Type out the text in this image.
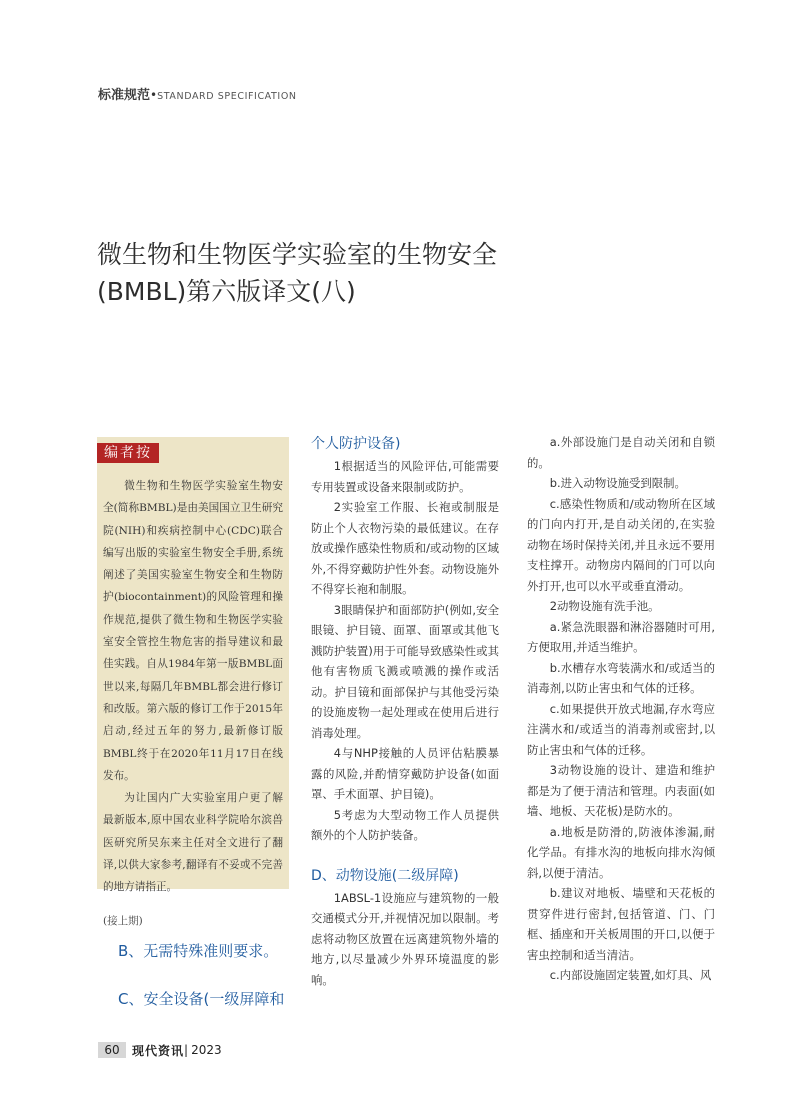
标准规范•STANDARD SPECIFICATION
微生物和生物医学实验室的生物安全
(BMBL)第六版译文(八)
编者按

微生物和生物医学实验室生物安全(简称BMBL)是由美国国立卫生研究院(NIH)和疾病控制中心(CDC)联合编写出版的实验室生物安全手册,系统阐述了美国实验室生物安全和生物防护(biocontainment)的风险管理和操作规范,提供了微生物和生物医学实验室安全管控生物危害的指导建议和最佳实践。自从1984年第一版BMBL面世以来,每隔几年BMBL都会进行修订和改版。第六版的修订工作于2015年启动,经过五年的努力,最新修订版BMBL终于在2020年11月17日在线发布。

为让国内广大实验室用户更了解最新版本,原中国农业科学院哈尔滨兽医研究所吴东来主任对全文进行了翻译,以供大家参考,翻译有不妥或不完善的地方请指正。

(接上期)
B、无需特殊准则要求。
C、安全设备(一级屏障和

个人防护设备)

1根据适当的风险评估,可能需要专用装置或设备来限制或防护。

2实验室工作服、长袍或制服是防止个人衣物污染的最低建议。在存放或操作感染性物质和/或动物的区域外,不得穿戴防护性外套。动物设施外不得穿长袍和制服。

3眼睛保护和面部防护(例如,安全眼镜、护目镜、面罩、面罩或其他飞溅防护装置)用于可能导致感染性或其他有害物质飞溅或喷溅的操作或活动。护目镜和面部保护与其他受污染的设施废物一起处理或在使用后进行消毒处理。

4与NHP接触的人员评估粘膜暴露的风险,并酌情穿戴防护设备(如面罩、手术面罩、护目镜)。

5考虑为大型动物工作人员提供额外的个人防护装备。

D、动物设施(二级屏障)

1ABSL-1设施应与建筑物的一般交通模式分开,并视情况加以限制。考虑将动物区放置在远离建筑物外墙的地方,以尽量减少外界环境温度的影响。

a.外部设施门是自动关闭和自锁的。

b.进入动物设施受到限制。

c.感染性物质和/或动物所在区域的门向内打开,是自动关闭的,在实验动物在场时保持关闭,并且永远不要用支柱撑开。动物房内隔间的门可以向外打开,也可以水平或垂直滑动。

2动物设施有洗手池。

a.紧急洗眼器和淋浴器随时可用,方便取用,并适当维护。

b.水槽存水弯装满水和/或适当的消毒剂,以防止害虫和气体的迁移。

c.如果提供开放式地漏,存水弯应注满水和/或适当的消毒剂或密封,以防止害虫和气体的迁移。

3动物设施的设计、建造和维护都是为了便于清洁和管理。内表面(如墙、地板、天花板)是防水的。

a.地板是防滑的,防液体渗漏,耐化学品。有排水沟的地板向排水沟倾斜,以便于清洁。

b.建议对地板、墙壁和天花板的贯穿件进行密封,包括管道、门、门框、插座和开关板周围的开口,以便于害虫控制和适当清洁。

c.内部设施固定装置,如灯具、风

60	现代资讯 | 2023
